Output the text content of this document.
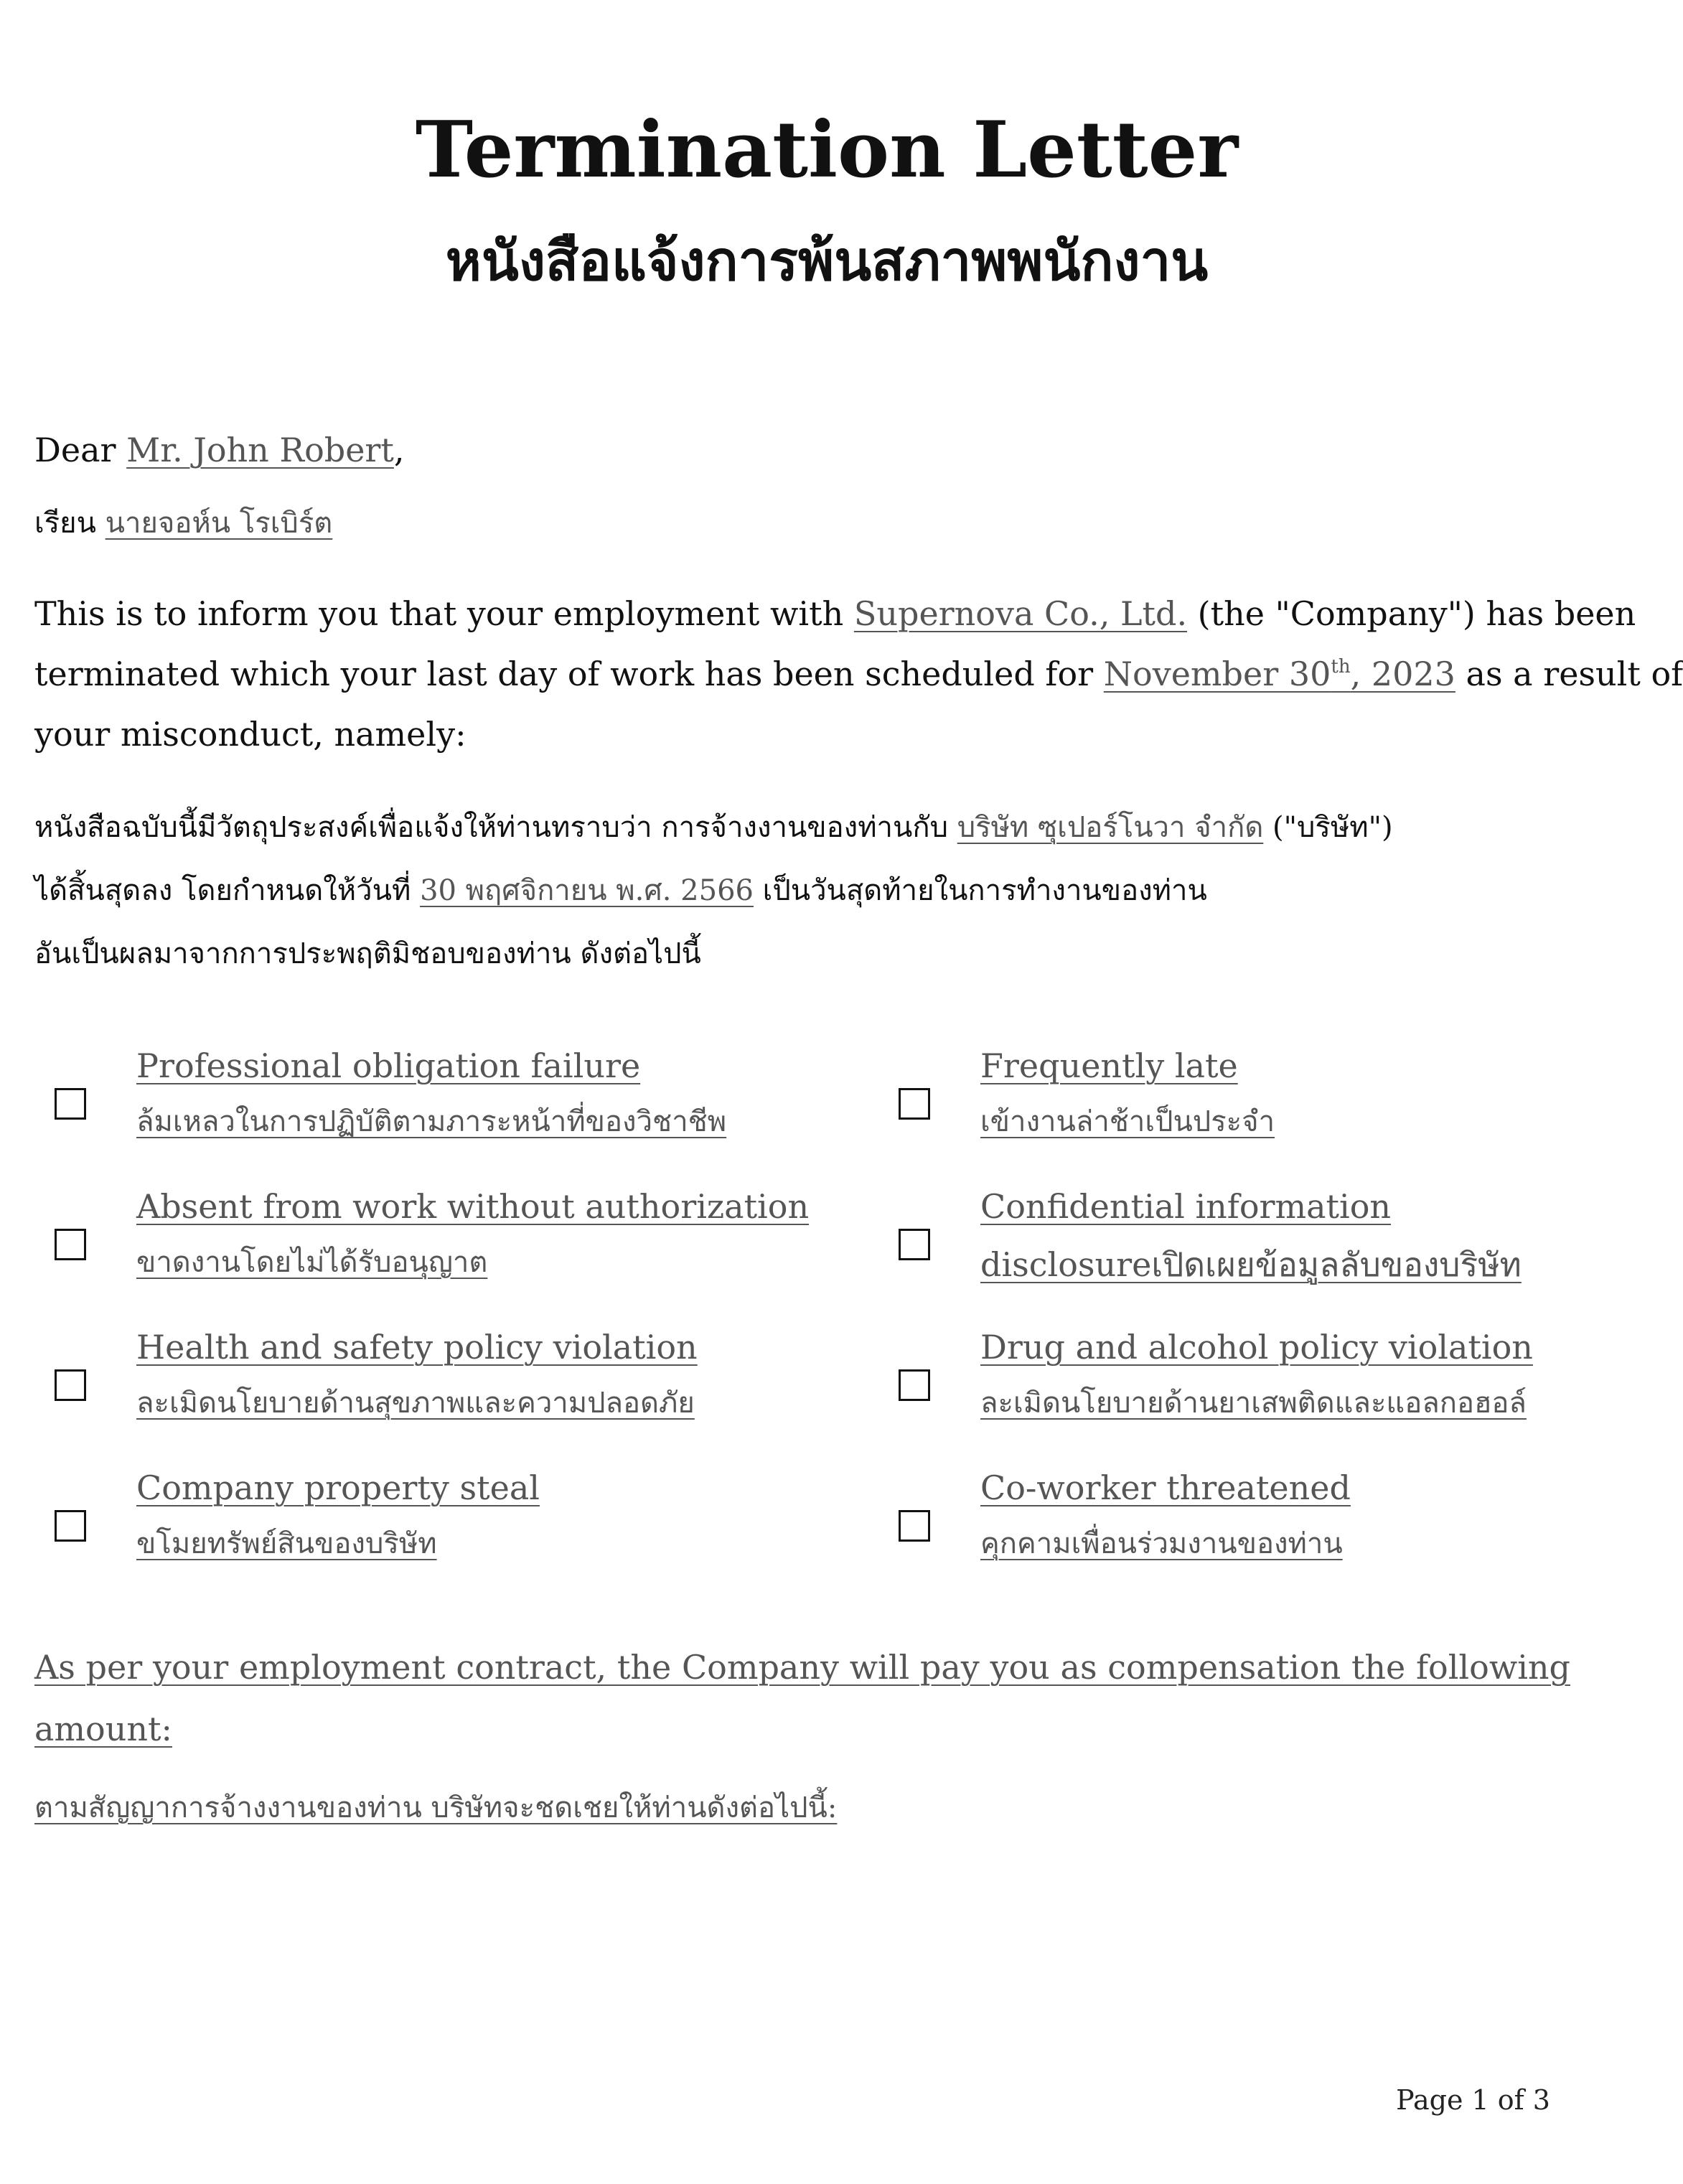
Termination Letter
หนังสือแจ้งการพ้นสภาพพนักงาน
Dear Mr. John Robert,
เรียน นายจอห์น โรเบิร์ต
This is to inform you that your employment with Supernova Co., Ltd. (the "Company") has been
terminated which your last day of work has been scheduled for November 30th, 2023 as a result of
your misconduct, namely:
หนังสือฉบับนี้มีวัตถุประสงค์เพื่อแจ้งให้ท่านทราบว่า การจ้างงานของท่านกับ บริษัท ซุเปอร์โนวา จำกัด ("บริษัท")
ได้สิ้นสุดลง โดยกำหนดให้วันที่ 30 พฤศจิกายน พ.ศ. 2566 เป็นวันสุดท้ายในการทำงานของท่าน
อันเป็นผลมาจากการประพฤติมิชอบของท่าน ดังต่อไปนี้
Professional obligation failure
ล้มเหลวในการปฏิบัติตามภาระหน้าที่ของวิชาชีพ
Absent from work without authorization
ขาดงานโดยไม่ได้รับอนุญาต
Health and safety policy violation
ละเมิดนโยบายด้านสุขภาพและความปลอดภัย
Company property steal
ขโมยทรัพย์สินของบริษัท
Frequently late
เข้างานล่าช้าเป็นประจำ
Confidential information
disclosureเปิดเผยข้อมูลลับของบริษัท
Drug and alcohol policy violation
ละเมิดนโยบายด้านยาเสพติดและแอลกอฮอล์
Co-worker threatened
คุกคามเพื่อนร่วมงานของท่าน
As per your employment contract, the Company will pay you as compensation the following amount:
ตามสัญญาการจ้างงานของท่าน บริษัทจะชดเชยให้ท่านดังต่อไปนี้:
Page 1 of 3
